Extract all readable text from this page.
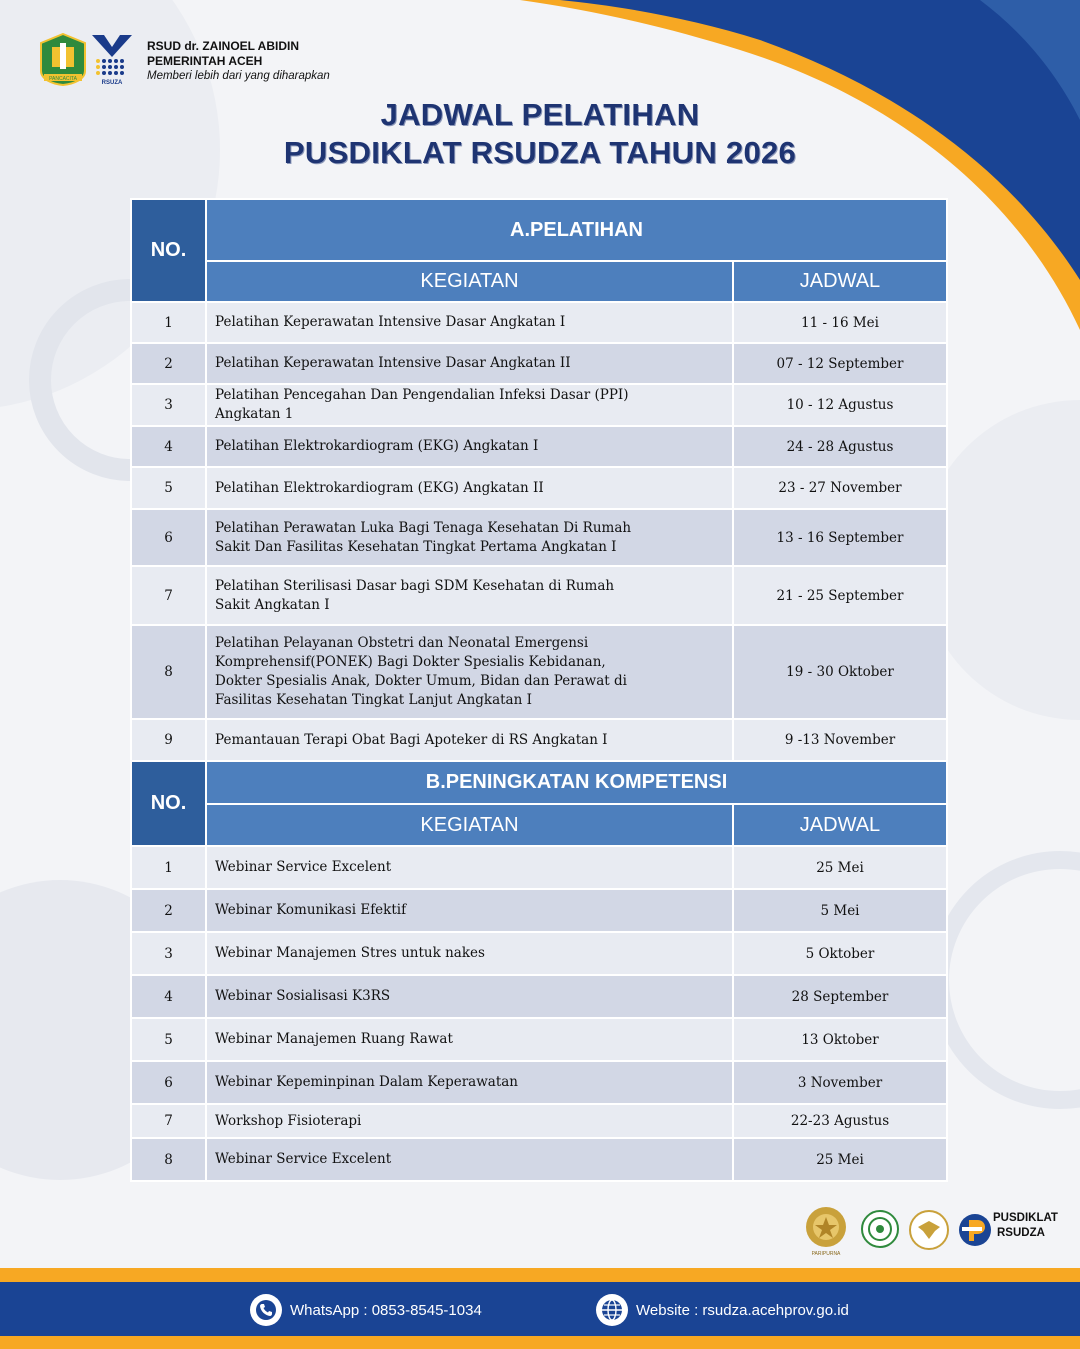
PANCACITA
RSUZA
RSUD dr. ZAINOEL ABIDIN
PEMERINTAH ACEH
Memberi lebih dari yang diharapkan
JADWAL PELATIHAN
PUSDIKLAT RSUDZA TAHUN 2026
NO.	A.PELATIHAN	
	KEGIATAN	JADWAL
1	Pelatihan Keperawatan Intensive Dasar Angkatan I	11 - 16 Mei
2	Pelatihan Keperawatan Intensive Dasar Angkatan II	07 - 12 September
3	Pelatihan Pencegahan Dan Pengendalian Infeksi Dasar (PPI) Angkatan 1	10 - 12 Agustus
4	Pelatihan Elektrokardiogram (EKG) Angkatan I	24 - 28 Agustus
5	Pelatihan Elektrokardiogram (EKG) Angkatan II	23 - 27 November
6	Pelatihan Perawatan Luka Bagi Tenaga Kesehatan Di Rumah Sakit Dan Fasilitas Kesehatan Tingkat Pertama Angkatan I	13 - 16 September
7	Pelatihan Sterilisasi Dasar bagi SDM Kesehatan di Rumah Sakit Angkatan I	21 - 25 September
8	Pelatihan Pelayanan Obstetri dan Neonatal Emergensi Komprehensif(PONEK) Bagi Dokter Spesialis Kebidanan, Dokter Spesialis Anak, Dokter Umum, Bidan dan Perawat di Fasilitas Kesehatan Tingkat Lanjut Angkatan I	19 - 30 Oktober
9	Pemantauan Terapi Obat Bagi Apoteker di RS Angkatan I	9 -13 November
NO.	B.PENINGKATAN KOMPETENSI	
	KEGIATAN	JADWAL
1	Webinar Service Excelent	25 Mei
2	Webinar Komunikasi Efektif	5 Mei
3	Webinar Manajemen Stres untuk nakes	5 Oktober
4	Webinar Sosialisasi K3RS	28 September
5	Webinar Manajemen Ruang Rawat	13 Oktober
6	Webinar Kepeminpinan Dalam Keperawatan	3 November
7	Workshop Fisioterapi	22-23 Agustus
8	Webinar Service Excelent	25 Mei
PARIPURNA
PUSDIKLAT
RSUDZA
WhatsApp : 0853-8545-1034	Website : rsudza.acehprov.go.id
